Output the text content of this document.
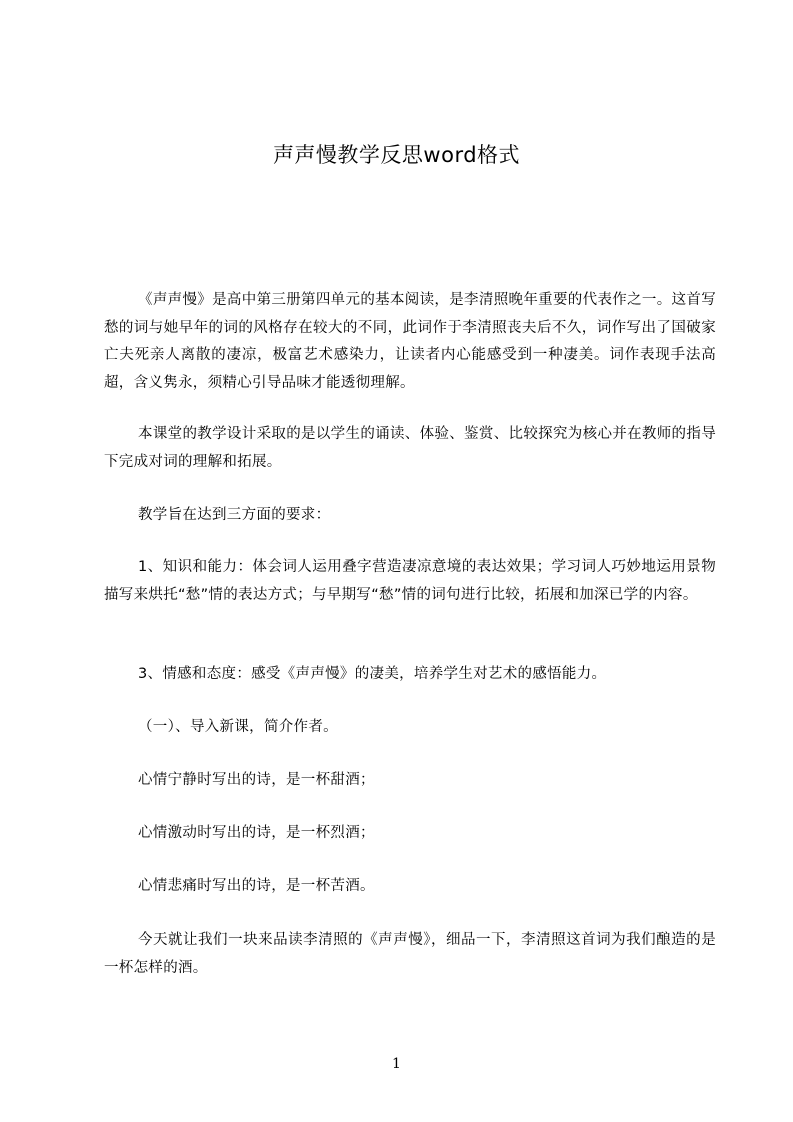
声声慢教学反思word格式

《声声慢》是高中第三册第四单元的基本阅读，是李清照晚年重要的代表作之一。这首写愁的词与她早年的词的风格存在较大的不同，此词作于李清照丧夫后不久，词作写出了国破家亡夫死亲人离散的凄凉，极富艺术感染力，让读者内心能感受到一种凄美。词作表现手法高超，含义隽永，须精心引导品味才能透彻理解。

本课堂的教学设计采取的是以学生的诵读、体验、鉴赏、比较探究为核心并在教师的指导下完成对词的理解和拓展。

教学旨在达到三方面的要求：

1、知识和能力：体会词人运用叠字营造凄凉意境的表达效果；学习词人巧妙地运用景物描写来烘托“愁”情的表达方式；与早期写“愁”情的词句进行比较，拓展和加深已学的内容。

3、情感和态度：感受《声声慢》的凄美，培养学生对艺术的感悟能力。

（一）、导入新课，简介作者。

心情宁静时写出的诗，是一杯甜酒；

心情激动时写出的诗，是一杯烈酒；

心情悲痛时写出的诗，是一杯苦酒。

今天就让我们一块来品读李清照的《声声慢》，细品一下，李清照这首词为我们酿造的是一杯怎样的酒。

1
